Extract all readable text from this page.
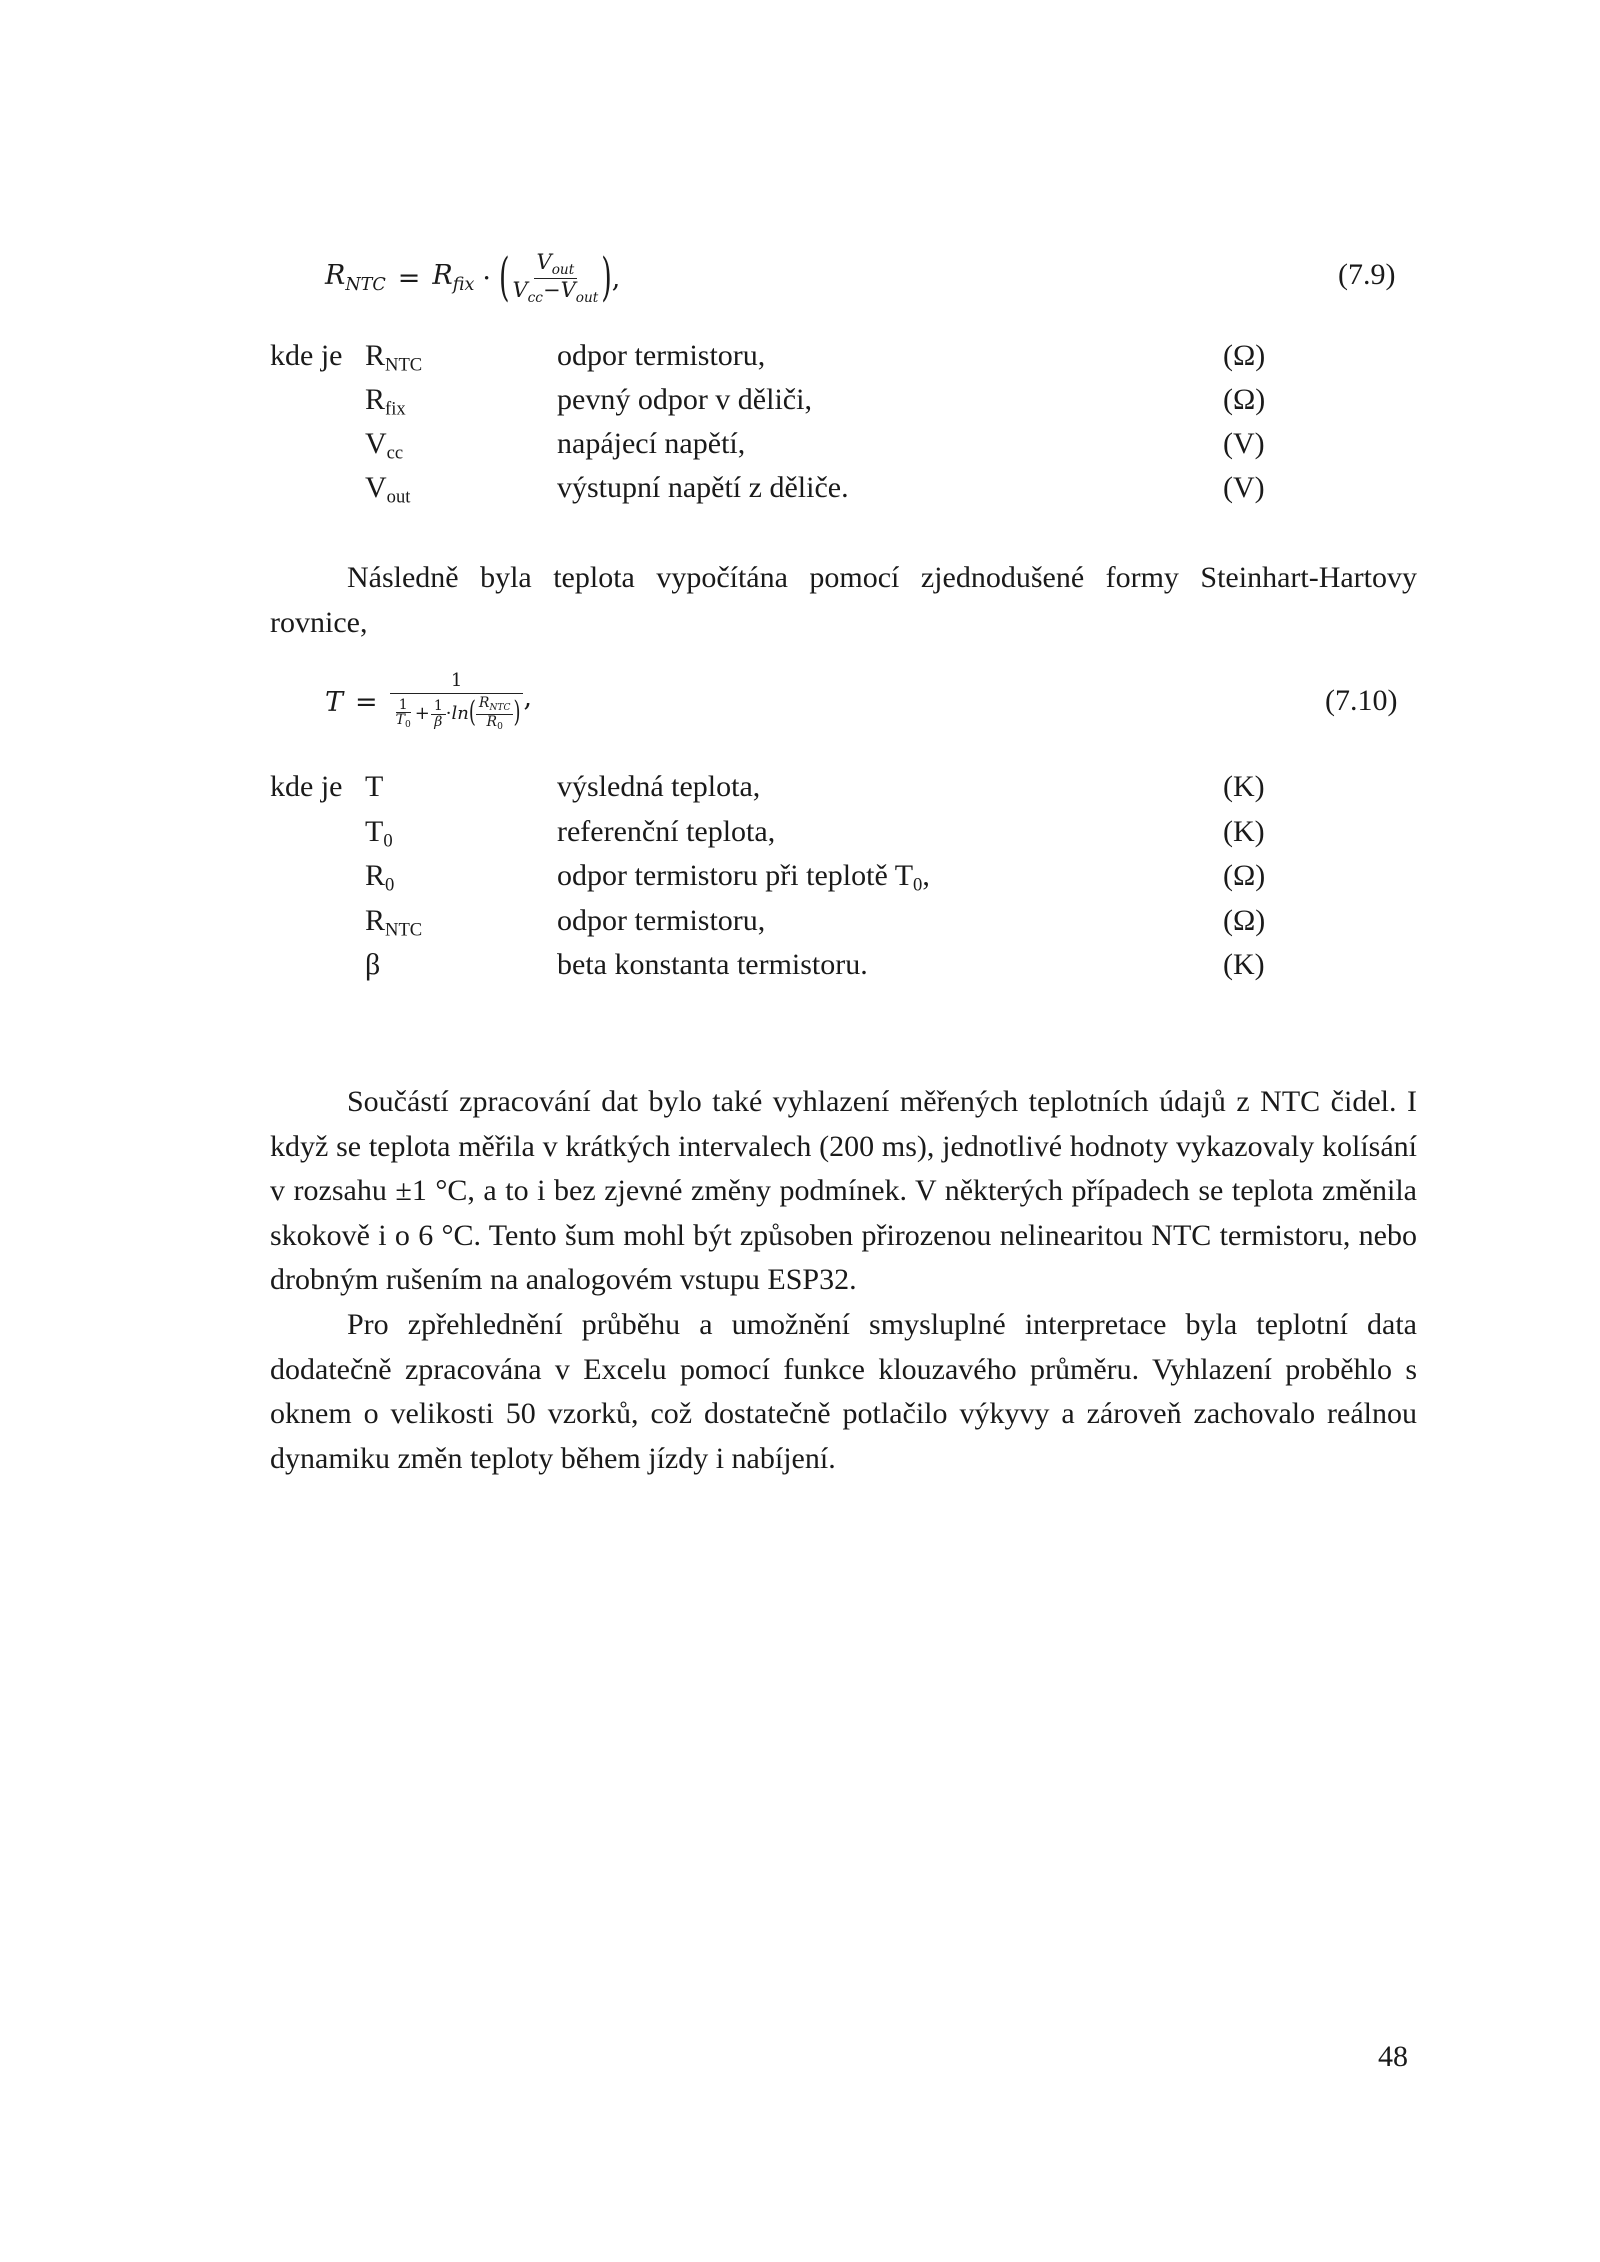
$R_{NTC} = R_{fix}$ · ( $\frac{V_{out}}{V_{cc}-V_{out}}$ ) ,	(7.9)
kde je RNTC	odpor termistoru,	(Ω)
Rfix	pevný odpor v děliči,	(Ω)
Vcc	napájecí napětí,	(V)
Vout	výstupní napětí z děliče.	(V)

Následně byla teplota vypočítána pomocí zjednodušené formy Steinhart-Hartovy rovnice,

T =
1
$\frac{1}{T_0} + \frac{1}{\beta} \cdot \ln$ ( $\frac{R_{NTC}}{R_0}$ ) ,	(7.10)
kde je T	výsledná teplota,	(K)
T0	referenční teplota,	(K)
R0	odpor termistoru při teplotě T0,	(Ω)
RNTC	odpor termistoru,	(Ω)
β	beta konstanta termistoru.	(K)

Součástí zpracování dat bylo také vyhlazení měřených teplotních údajů z NTC čidel. I když se teplota měřila v krátkých intervalech (200 ms), jednotlivé hodnoty vykazovaly kolísání v rozsahu ±1 °C, a to i bez zjevné změny podmínek. V některých případech se teplota změnila skokově i o 6 °C. Tento šum mohl být způsoben přirozenou nelinearitou NTC termistoru, nebo drobným rušením na analogovém vstupu ESP32.

Pro zpřehlednění průběhu a umožnění smysluplné interpretace byla teplotní data dodatečně zpracována v Excelu pomocí funkce klouzavého průměru. Vyhlazení proběhlo s oknem o velikosti 50 vzorků, což dostatečně potlačilo výkyvy a zároveň zachovalo reálnou dynamiku změn teploty během jízdy i nabíjení.

48
